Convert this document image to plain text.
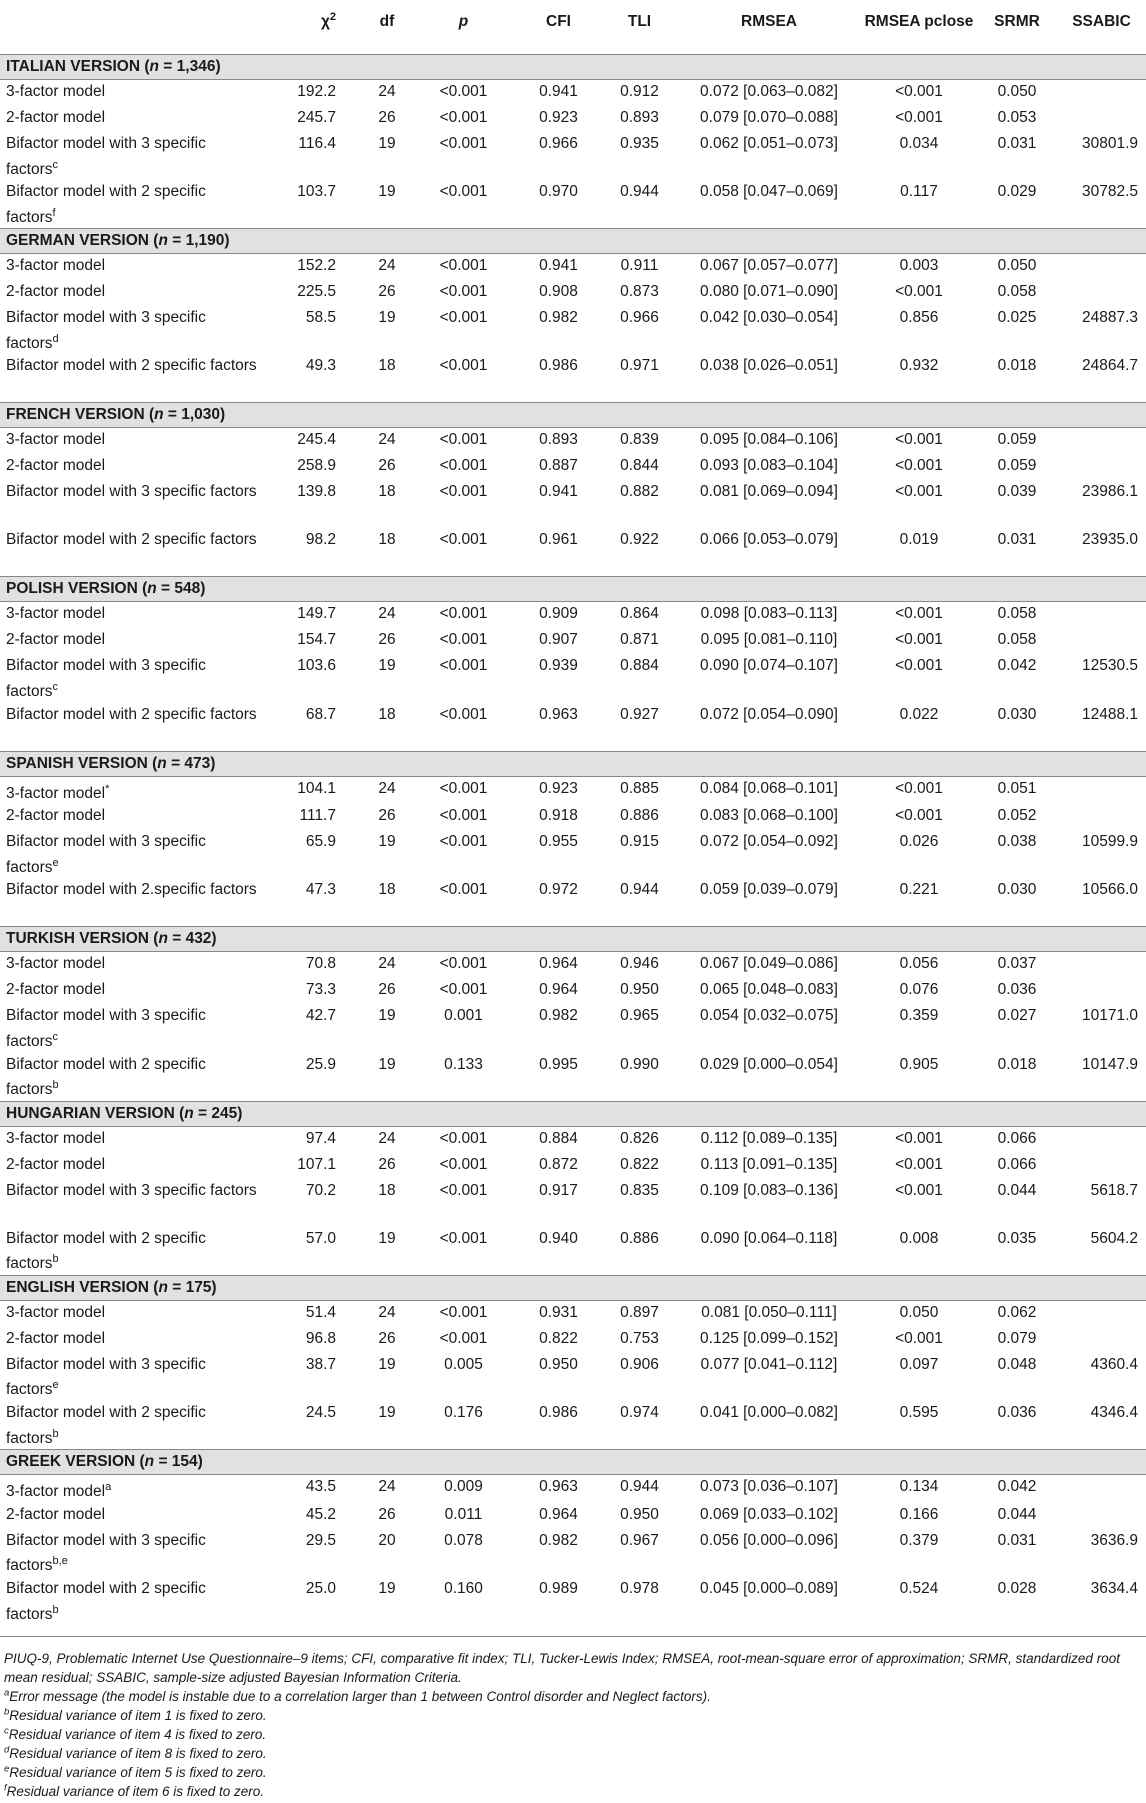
	$\chi^2$	df	p	CFI	TLI	RMSEA	RMSEA pclose	SRMR	SSABIC
ITALIAN VERSION (n = 1,346)									
3-factor model	192.2	24	<0.001	0.941	0.912	0.072 [0.063–0.082]	<0.001	0.050	
2-factor model	245.7	26	<0.001	0.923	0.893	0.079 [0.070–0.088]	<0.001	0.053	
Bifactor model with 3 specific factors$^c$	116.4	19	<0.001	0.966	0.935	0.062 [0.051–0.073]	0.034	0.031	30801.9
Bifactor model with 2 specific factors$^f$	103.7	19	<0.001	0.970	0.944	0.058 [0.047–0.069]	0.117	0.029	30782.5
GERMAN VERSION (n = 1,190)									
3-factor model	152.2	24	<0.001	0.941	0.911	0.067 [0.057–0.077]	0.003	0.050	
2-factor model	225.5	26	<0.001	0.908	0.873	0.080 [0.071–0.090]	<0.001	0.058	
Bifactor model with 3 specific factors$^d$	58.5	19	<0.001	0.982	0.966	0.042 [0.030–0.054]	0.856	0.025	24887.3
Bifactor model with 2 specific factors	49.3	18	<0.001	0.986	0.971	0.038 [0.026–0.051]	0.932	0.018	24864.7
FRENCH VERSION (n = 1,030)									
3-factor model	245.4	24	<0.001	0.893	0.839	0.095 [0.084–0.106]	<0.001	0.059	
2-factor model	258.9	26	<0.001	0.887	0.844	0.093 [0.083–0.104]	<0.001	0.059	
Bifactor model with 3 specific factors	139.8	18	<0.001	0.941	0.882	0.081 [0.069–0.094]	<0.001	0.039	23986.1
Bifactor model with 2 specific factors	98.2	18	<0.001	0.961	0.922	0.066 [0.053–0.079]	0.019	0.031	23935.0
POLISH VERSION (n = 548)									
3-factor model	149.7	24	<0.001	0.909	0.864	0.098 [0.083–0.113]	<0.001	0.058	
2-factor model	154.7	26	<0.001	0.907	0.871	0.095 [0.081–0.110]	<0.001	0.058	
Bifactor model with 3 specific factors$^c$	103.6	19	<0.001	0.939	0.884	0.090 [0.074–0.107]	<0.001	0.042	12530.5
Bifactor model with 2 specific factors	68.7	18	<0.001	0.963	0.927	0.072 [0.054–0.090]	0.022	0.030	12488.1
SPANISH VERSION (n = 473)									
3-factor model*	104.1	24	<0.001	0.923	0.885	0.084 [0.068–0.101]	<0.001	0.051	
2-factor model	111.7	26	<0.001	0.918	0.886	0.083 [0.068–0.100]	<0.001	0.052	
Bifactor model with 3 specific factors$^e$	65.9	19	<0.001	0.955	0.915	0.072 [0.054–0.092]	0.026	0.038	10599.9
Bifactor model with 2.specific factors	47.3	18	<0.001	0.972	0.944	0.059 [0.039–0.079]	0.221	0.030	10566.0
TURKISH VERSION (n = 432)									
3-factor model	70.8	24	<0.001	0.964	0.946	0.067 [0.049–0.086]	0.056	0.037	
2-factor model	73.3	26	<0.001	0.964	0.950	0.065 [0.048–0.083]	0.076	0.036	
Bifactor model with 3 specific factors$^c$	42.7	19	0.001	0.982	0.965	0.054 [0.032–0.075]	0.359	0.027	10171.0
Bifactor model with 2 specific factors$^b$	25.9	19	0.133	0.995	0.990	0.029 [0.000–0.054]	0.905	0.018	10147.9
HUNGARIAN VERSION (n = 245)									
3-factor model	97.4	24	<0.001	0.884	0.826	0.112 [0.089–0.135]	<0.001	0.066	
2-factor model	107.1	26	<0.001	0.872	0.822	0.113 [0.091–0.135]	<0.001	0.066	
Bifactor model with 3 specific factors	70.2	18	<0.001	0.917	0.835	0.109 [0.083–0.136]	<0.001	0.044	5618.7
Bifactor model with 2 specific factors$^b$	57.0	19	<0.001	0.940	0.886	0.090 [0.064–0.118]	0.008	0.035	5604.2
ENGLISH VERSION (n = 175)									
3-factor model	51.4	24	<0.001	0.931	0.897	0.081 [0.050–0.111]	0.050	0.062	
2-factor model	96.8	26	<0.001	0.822	0.753	0.125 [0.099–0.152]	<0.001	0.079	
Bifactor model with 3 specific factors$^e$	38.7	19	0.005	0.950	0.906	0.077 [0.041–0.112]	0.097	0.048	4360.4
Bifactor model with 2 specific factors$^b$	24.5	19	0.176	0.986	0.974	0.041 [0.000–0.082]	0.595	0.036	4346.4
GREEK VERSION (n = 154)									
3-factor model$^a$	43.5	24	0.009	0.963	0.944	0.073 [0.036–0.107]	0.134	0.042	
2-factor model	45.2	26	0.011	0.964	0.950	0.069 [0.033–0.102]	0.166	0.044	
Bifactor model with 3 specific factors$^{b,e}$	29.5	20	0.078	0.982	0.967	0.056 [0.000–0.096]	0.379	0.031	3636.9
Bifactor model with 2 specific factors$^b$	25.0	19	0.160	0.989	0.978	0.045 [0.000–0.089]	0.524	0.028	3634.4

PIUQ-9, Problematic Internet Use Questionnaire–9 items; CFI, comparative fit index; TLI, Tucker-Lewis Index; RMSEA, root-mean-square error of approximation; SRMR, standardized root mean residual; SSABIC, sample-size adjusted Bayesian Information Criteria.

$^a$Error message (the model is instable due to a correlation larger than 1 between Control disorder and Neglect factors).

$^b$Residual variance of item 1 is fixed to zero.

$^c$Residual variance of item 4 is fixed to zero.

$^d$Residual variance of item 8 is fixed to zero.

$^e$Residual variance of item 5 is fixed to zero.

$^f$Residual variance of item 6 is fixed to zero.
